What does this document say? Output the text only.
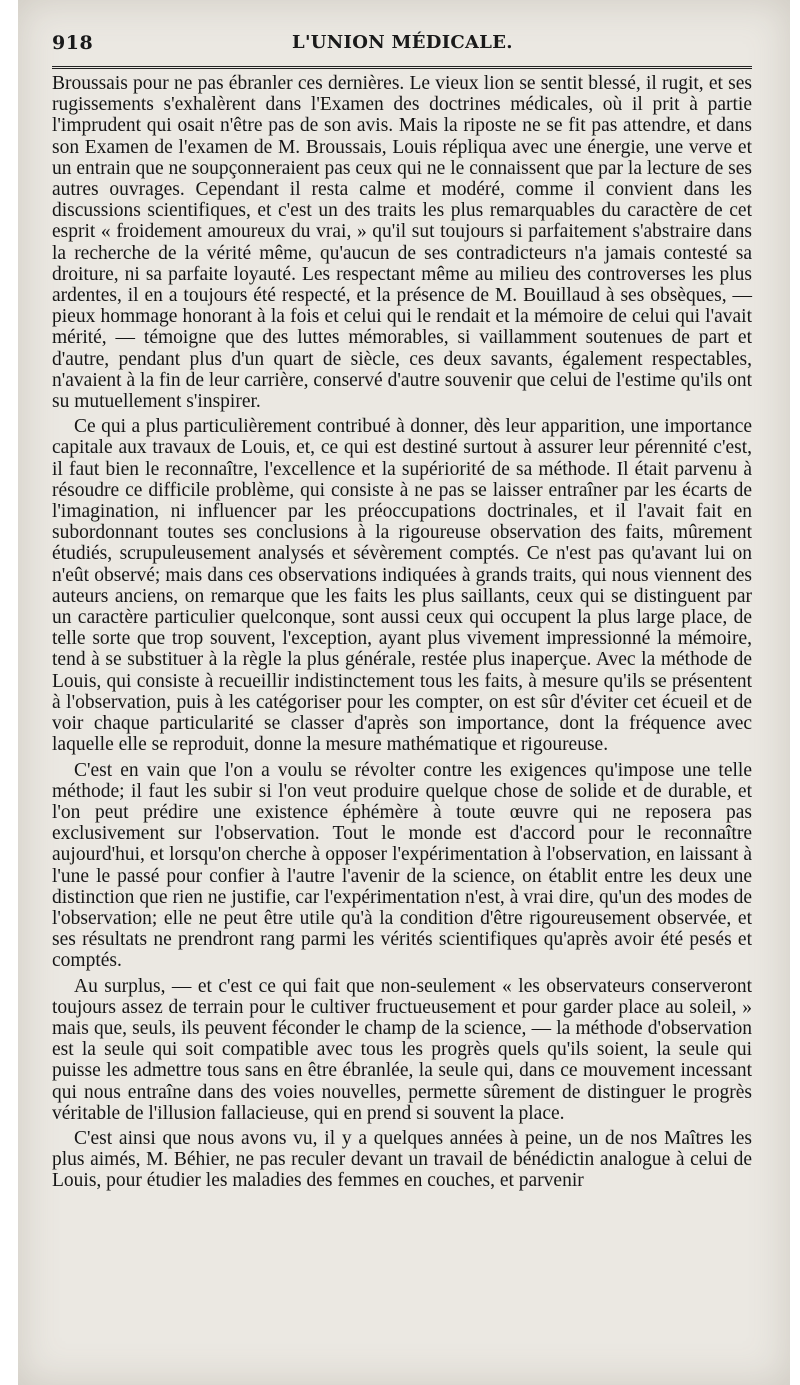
918	L'UNION MÉDICALE.

Broussais pour ne pas ébranler ces dernières. Le vieux lion se sentit blessé, il rugit, et ses rugissements s'exhalèrent dans l'Examen des doctrines médicales, où il prit à partie l'imprudent qui osait n'être pas de son avis. Mais la riposte ne se fit pas attendre, et dans son Examen de l'examen de M. Broussais, Louis répliqua avec une énergie, une verve et un entrain que ne soupçonneraient pas ceux qui ne le connaissent que par la lecture de ses autres ouvrages. Cependant il resta calme et modéré, comme il convient dans les discussions scientifiques, et c'est un des traits les plus remarquables du caractère de cet esprit « froidement amoureux du vrai, » qu'il sut toujours si parfaitement s'abstraire dans la recherche de la vérité même, qu'aucun de ses contradicteurs n'a jamais contesté sa droiture, ni sa parfaite loyauté. Les respectant même au milieu des controverses les plus ardentes, il en a toujours été respecté, et la présence de M. Bouillaud à ses obsèques, — pieux hommage honorant à la fois et celui qui le rendait et la mémoire de celui qui l'avait mérité, — témoigne que des luttes mémorables, si vaillamment soutenues de part et d'autre, pendant plus d'un quart de siècle, ces deux savants, également respectables, n'avaient à la fin de leur carrière, conservé d'autre souvenir que celui de l'estime qu'ils ont su mutuellement s'inspirer.

Ce qui a plus particulièrement contribué à donner, dès leur apparition, une importance capitale aux travaux de Louis, et, ce qui est destiné surtout à assurer leur pérennité c'est, il faut bien le reconnaître, l'excellence et la supériorité de sa méthode. Il était parvenu à résoudre ce difficile problème, qui consiste à ne pas se laisser entraîner par les écarts de l'imagination, ni influencer par les préoccupations doctrinales, et il l'avait fait en subordonnant toutes ses conclusions à la rigoureuse observation des faits, mûrement étudiés, scrupuleusement analysés et sévèrement comptés. Ce n'est pas qu'avant lui on n'eût observé; mais dans ces observations indiquées à grands traits, qui nous viennent des auteurs anciens, on remarque que les faits les plus saillants, ceux qui se distinguent par un caractère particulier quelconque, sont aussi ceux qui occupent la plus large place, de telle sorte que trop souvent, l'exception, ayant plus vivement impressionné la mémoire, tend à se substituer à la règle la plus générale, restée plus inaperçue. Avec la méthode de Louis, qui consiste à recueillir indistinctement tous les faits, à mesure qu'ils se présentent à l'observation, puis à les catégoriser pour les compter, on est sûr d'éviter cet écueil et de voir chaque particularité se classer d'après son importance, dont la fréquence avec laquelle elle se reproduit, donne la mesure mathématique et rigoureuse.

C'est en vain que l'on a voulu se révolter contre les exigences qu'impose une telle méthode; il faut les subir si l'on veut produire quelque chose de solide et de durable, et l'on peut prédire une existence éphémère à toute œuvre qui ne reposera pas exclusivement sur l'observation. Tout le monde est d'accord pour le reconnaître aujourd'hui, et lorsqu'on cherche à opposer l'expérimentation à l'observation, en laissant à l'une le passé pour confier à l'autre l'avenir de la science, on établit entre les deux une distinction que rien ne justifie, car l'expérimentation n'est, à vrai dire, qu'un des modes de l'observation; elle ne peut être utile qu'à la condition d'être rigoureusement observée, et ses résultats ne prendront rang parmi les vérités scientifiques qu'après avoir été pesés et comptés.

Au surplus, — et c'est ce qui fait que non-seulement « les observateurs conserveront toujours assez de terrain pour le cultiver fructueusement et pour garder place au soleil, » mais que, seuls, ils peuvent féconder le champ de la science, — la méthode d'observation est la seule qui soit compatible avec tous les progrès quels qu'ils soient, la seule qui puisse les admettre tous sans en être ébranlée, la seule qui, dans ce mouvement incessant qui nous entraîne dans des voies nouvelles, permette sûrement de distinguer le progrès véritable de l'illusion fallacieuse, qui en prend si souvent la place.

C'est ainsi que nous avons vu, il y a quelques années à peine, un de nos Maîtres les plus aimés, M. Béhier, ne pas reculer devant un travail de bénédictin analogue à celui de Louis, pour étudier les maladies des femmes en couches, et parvenir
